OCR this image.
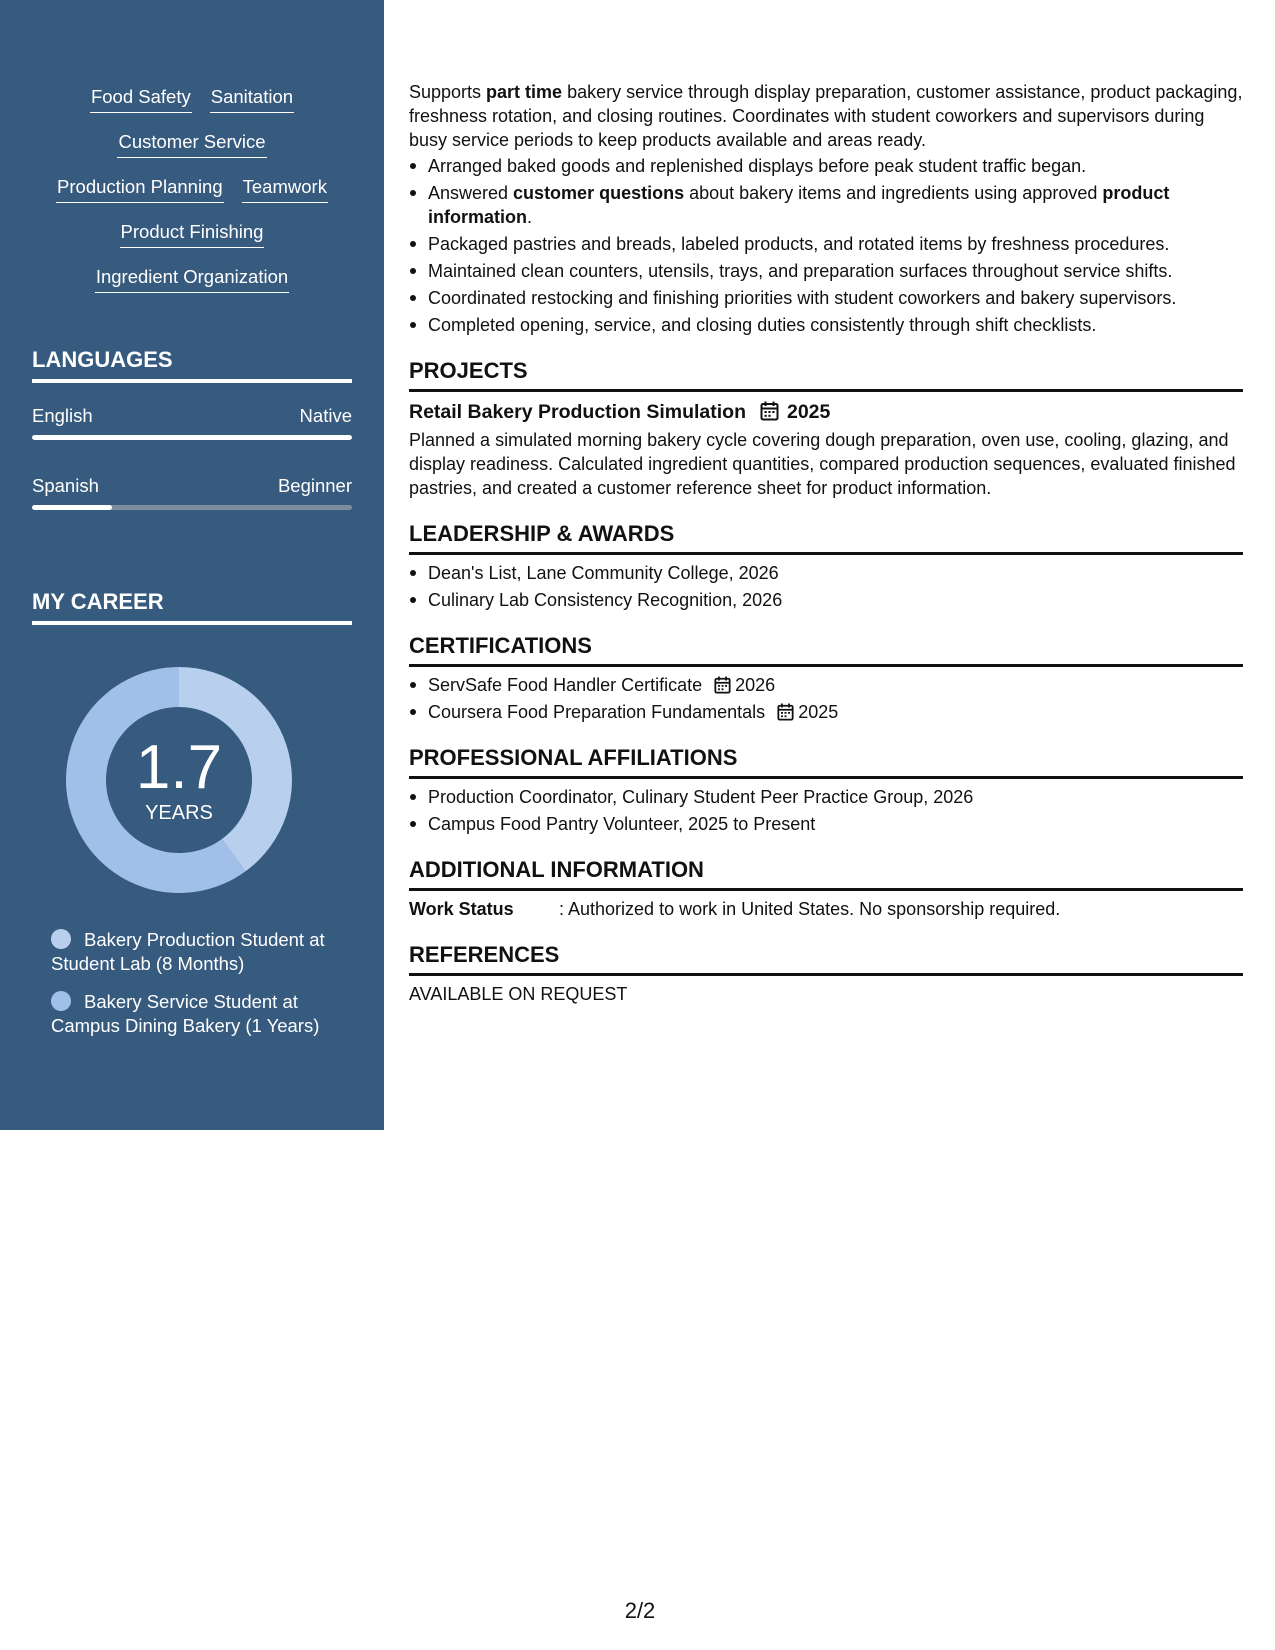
Food Safety Sanitation
Customer Service
Production Planning Teamwork
Product Finishing
Ingredient Organization
LANGUAGES
English	Native
Spanish	Beginner
MY CAREER
1.7
YEARS
Bakery Production Student at Student Lab (8 Months)
Bakery Service Student at Campus Dining Bakery (1 Years)

Supports part time bakery service through display preparation, customer assistance, product packaging, freshness rotation, and closing routines. Coordinates with student coworkers and supervisors during busy service periods to keep products available and areas ready.

Arranged baked goods and replenished displays before peak student traffic began.
Answered customer questions about bakery items and ingredients using approved product information.
Packaged pastries and breads, labeled products, and rotated items by freshness procedures.
Maintained clean counters, utensils, trays, and preparation surfaces throughout service shifts.
Coordinated restocking and finishing priorities with student coworkers and bakery supervisors.
Completed opening, service, and closing duties consistently through shift checklists.
PROJECTS
Retail Bakery Production Simulation 2025

Planned a simulated morning bakery cycle covering dough preparation, oven use, cooling, glazing, and display readiness. Calculated ingredient quantities, compared production sequences, evaluated finished pastries, and created a customer reference sheet for product information.

LEADERSHIP & AWARDS
Dean's List, Lane Community College, 2026
Culinary Lab Consistency Recognition, 2026
CERTIFICATIONS
ServSafe Food Handler Certificate 2026
Coursera Food Preparation Fundamentals 2025
PROFESSIONAL AFFILIATIONS
Production Coordinator, Culinary Student Peer Practice Group, 2026
Campus Food Pantry Volunteer, 2025 to Present
ADDITIONAL INFORMATION
Work Status	: Authorized to work in United States. No sponsorship required.
REFERENCES

AVAILABLE ON REQUEST

2/2
